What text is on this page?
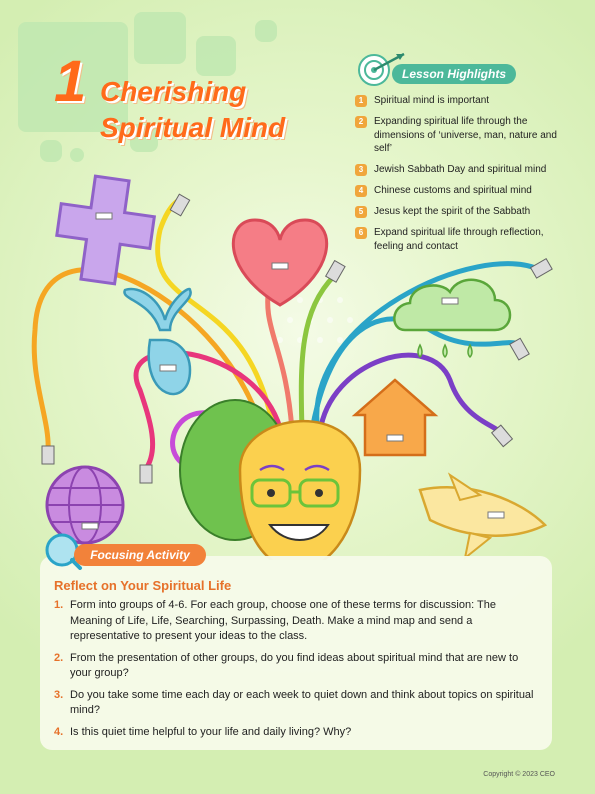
1 Cherishing
Spiritual Mind
Lesson Highlights
1	Spiritual mind is important
2	Expanding spiritual life through the dimensions of ‘universe, man, nature and self’
3	Jewish Sabbath Day and spiritual mind
4	Chinese customs and spiritual mind
5	Jesus kept the spirit of the Sabbath
6	Expand spiritual life through reflection, feeling and contact
Focusing Activity
Reflect on Your Spiritual Life
1. Form into groups of 4-6. For each group, choose one of these terms for discussion: The Meaning of Life, Life, Searching, Surpassing, Death. Make a mind map and send a representative to present your ideas to the class.
2. From the presentation of other groups, do you find ideas about spiritual mind that are new to your group?
3. Do you take some time each day or each week to quiet down and think about topics on spiritual mind?
4. Is this quiet time helpful to your life and daily living? Why?
Copyright © 2023 CEO
